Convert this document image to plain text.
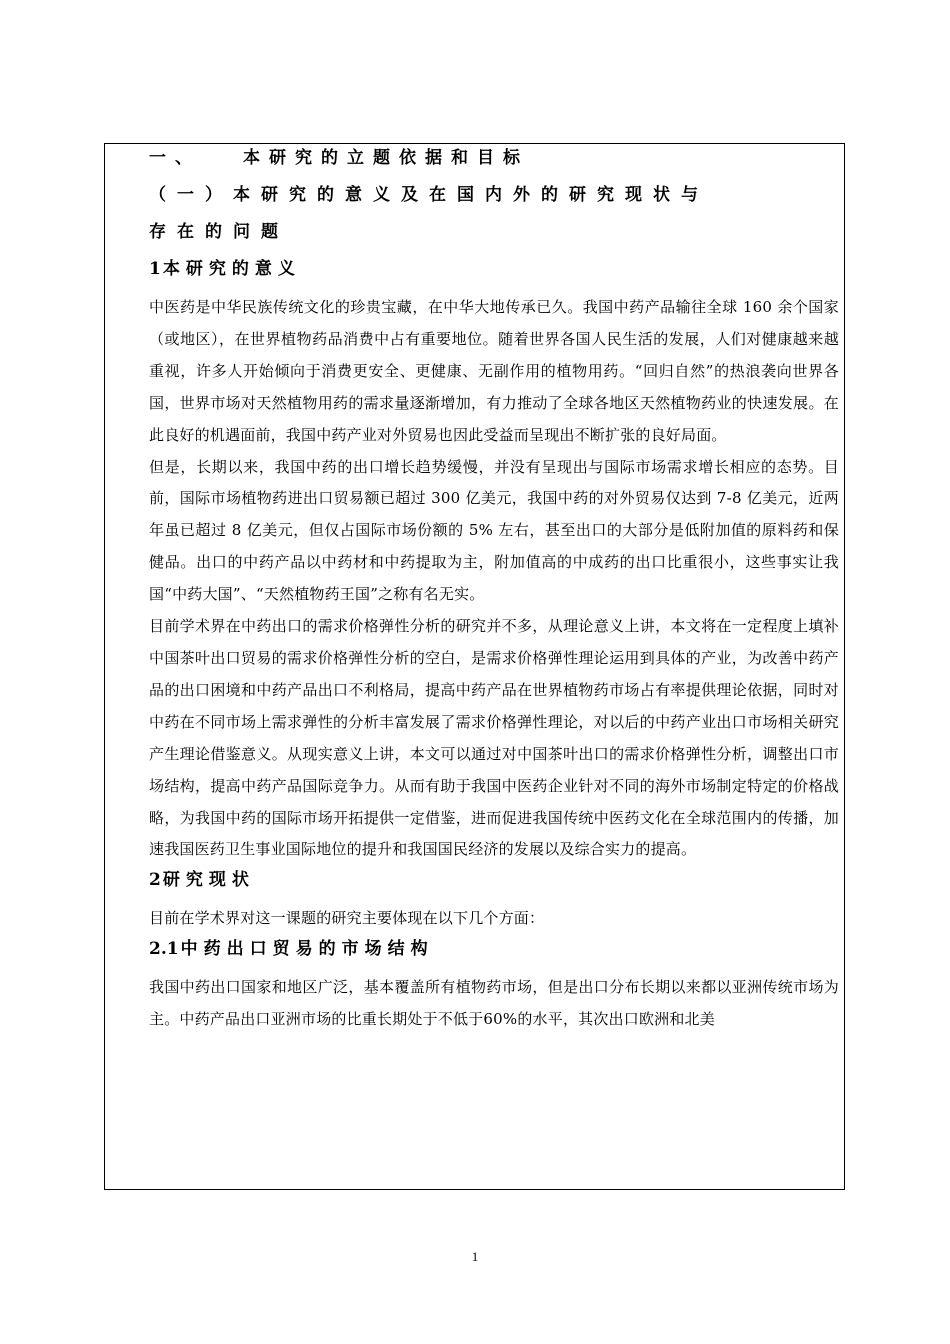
一、 本研究的立题依据和目标
（一）本研究的意义及在国内外的研究现状与
存在的问题
1 本研究的意义
中医药是中华民族传统文化的珍贵宝藏，在中华大地传承已久。我国中药产品输往全球 160 余个国家（或地区），在世界植物药品消费中占有重要地位。随着世界各国人民生活的发展，人们对健康越来越重视，许多人开始倾向于消费更安全、更健康、无副作用的植物用药。“回归自然”的热浪袭向世界各国，世界市场对天然植物用药的需求量逐渐增加，有力推动了全球各地区天然植物药业的快速发展。在此良好的机遇面前，我国中药产业对外贸易也因此受益而呈现出不断扩张的良好局面。
但是，长期以来，我国中药的出口增长趋势缓慢，并没有呈现出与国际市场需求增长相应的态势。目前，国际市场植物药进出口贸易额已超过 300 亿美元，我国中药的对外贸易仅达到 7-8 亿美元，近两年虽已超过 8 亿美元，但仅占国际市场份额的 5% 左右，甚至出口的大部分是低附加值的原料药和保健品。出口的中药产品以中药材和中药提取为主，附加值高的中成药的出口比重很小，这些事实让我国“中药大国”、“天然植物药王国”之称有名无实。
目前学术界在中药出口的需求价格弹性分析的研究并不多，从理论意义上讲，本文将在一定程度上填补中国茶叶出口贸易的需求价格弹性分析的空白，是需求价格弹性理论运用到具体的产业，为改善中药产品的出口困境和中药产品出口不利格局，提高中药产品在世界植物药市场占有率提供理论依据，同时对中药在不同市场上需求弹性的分析丰富发展了需求价格弹性理论，对以后的中药产业出口市场相关研究产生理论借鉴意义。从现实意义上讲，本文可以通过对中国茶叶出口的需求价格弹性分析，调整出口市场结构，提高中药产品国际竞争力。从而有助于我国中医药企业针对不同的海外市场制定特定的价格战略，为我国中药的国际市场开拓提供一定借鉴，进而促进我国传统中医药文化在全球范围内的传播，加速我国医药卫生事业国际地位的提升和我国国民经济的发展以及综合实力的提高。
2 研究现状
目前在学术界对这一课题的研究主要体现在以下几个方面：
2.1 中药出口贸易的市场结构
我国中药出口国家和地区广泛，基本覆盖所有植物药市场，但是出口分布长期以来都以亚洲传统市场为主。中药产品出口亚洲市场的比重长期处于不低于60%的水平，其次出口欧洲和北美
1
